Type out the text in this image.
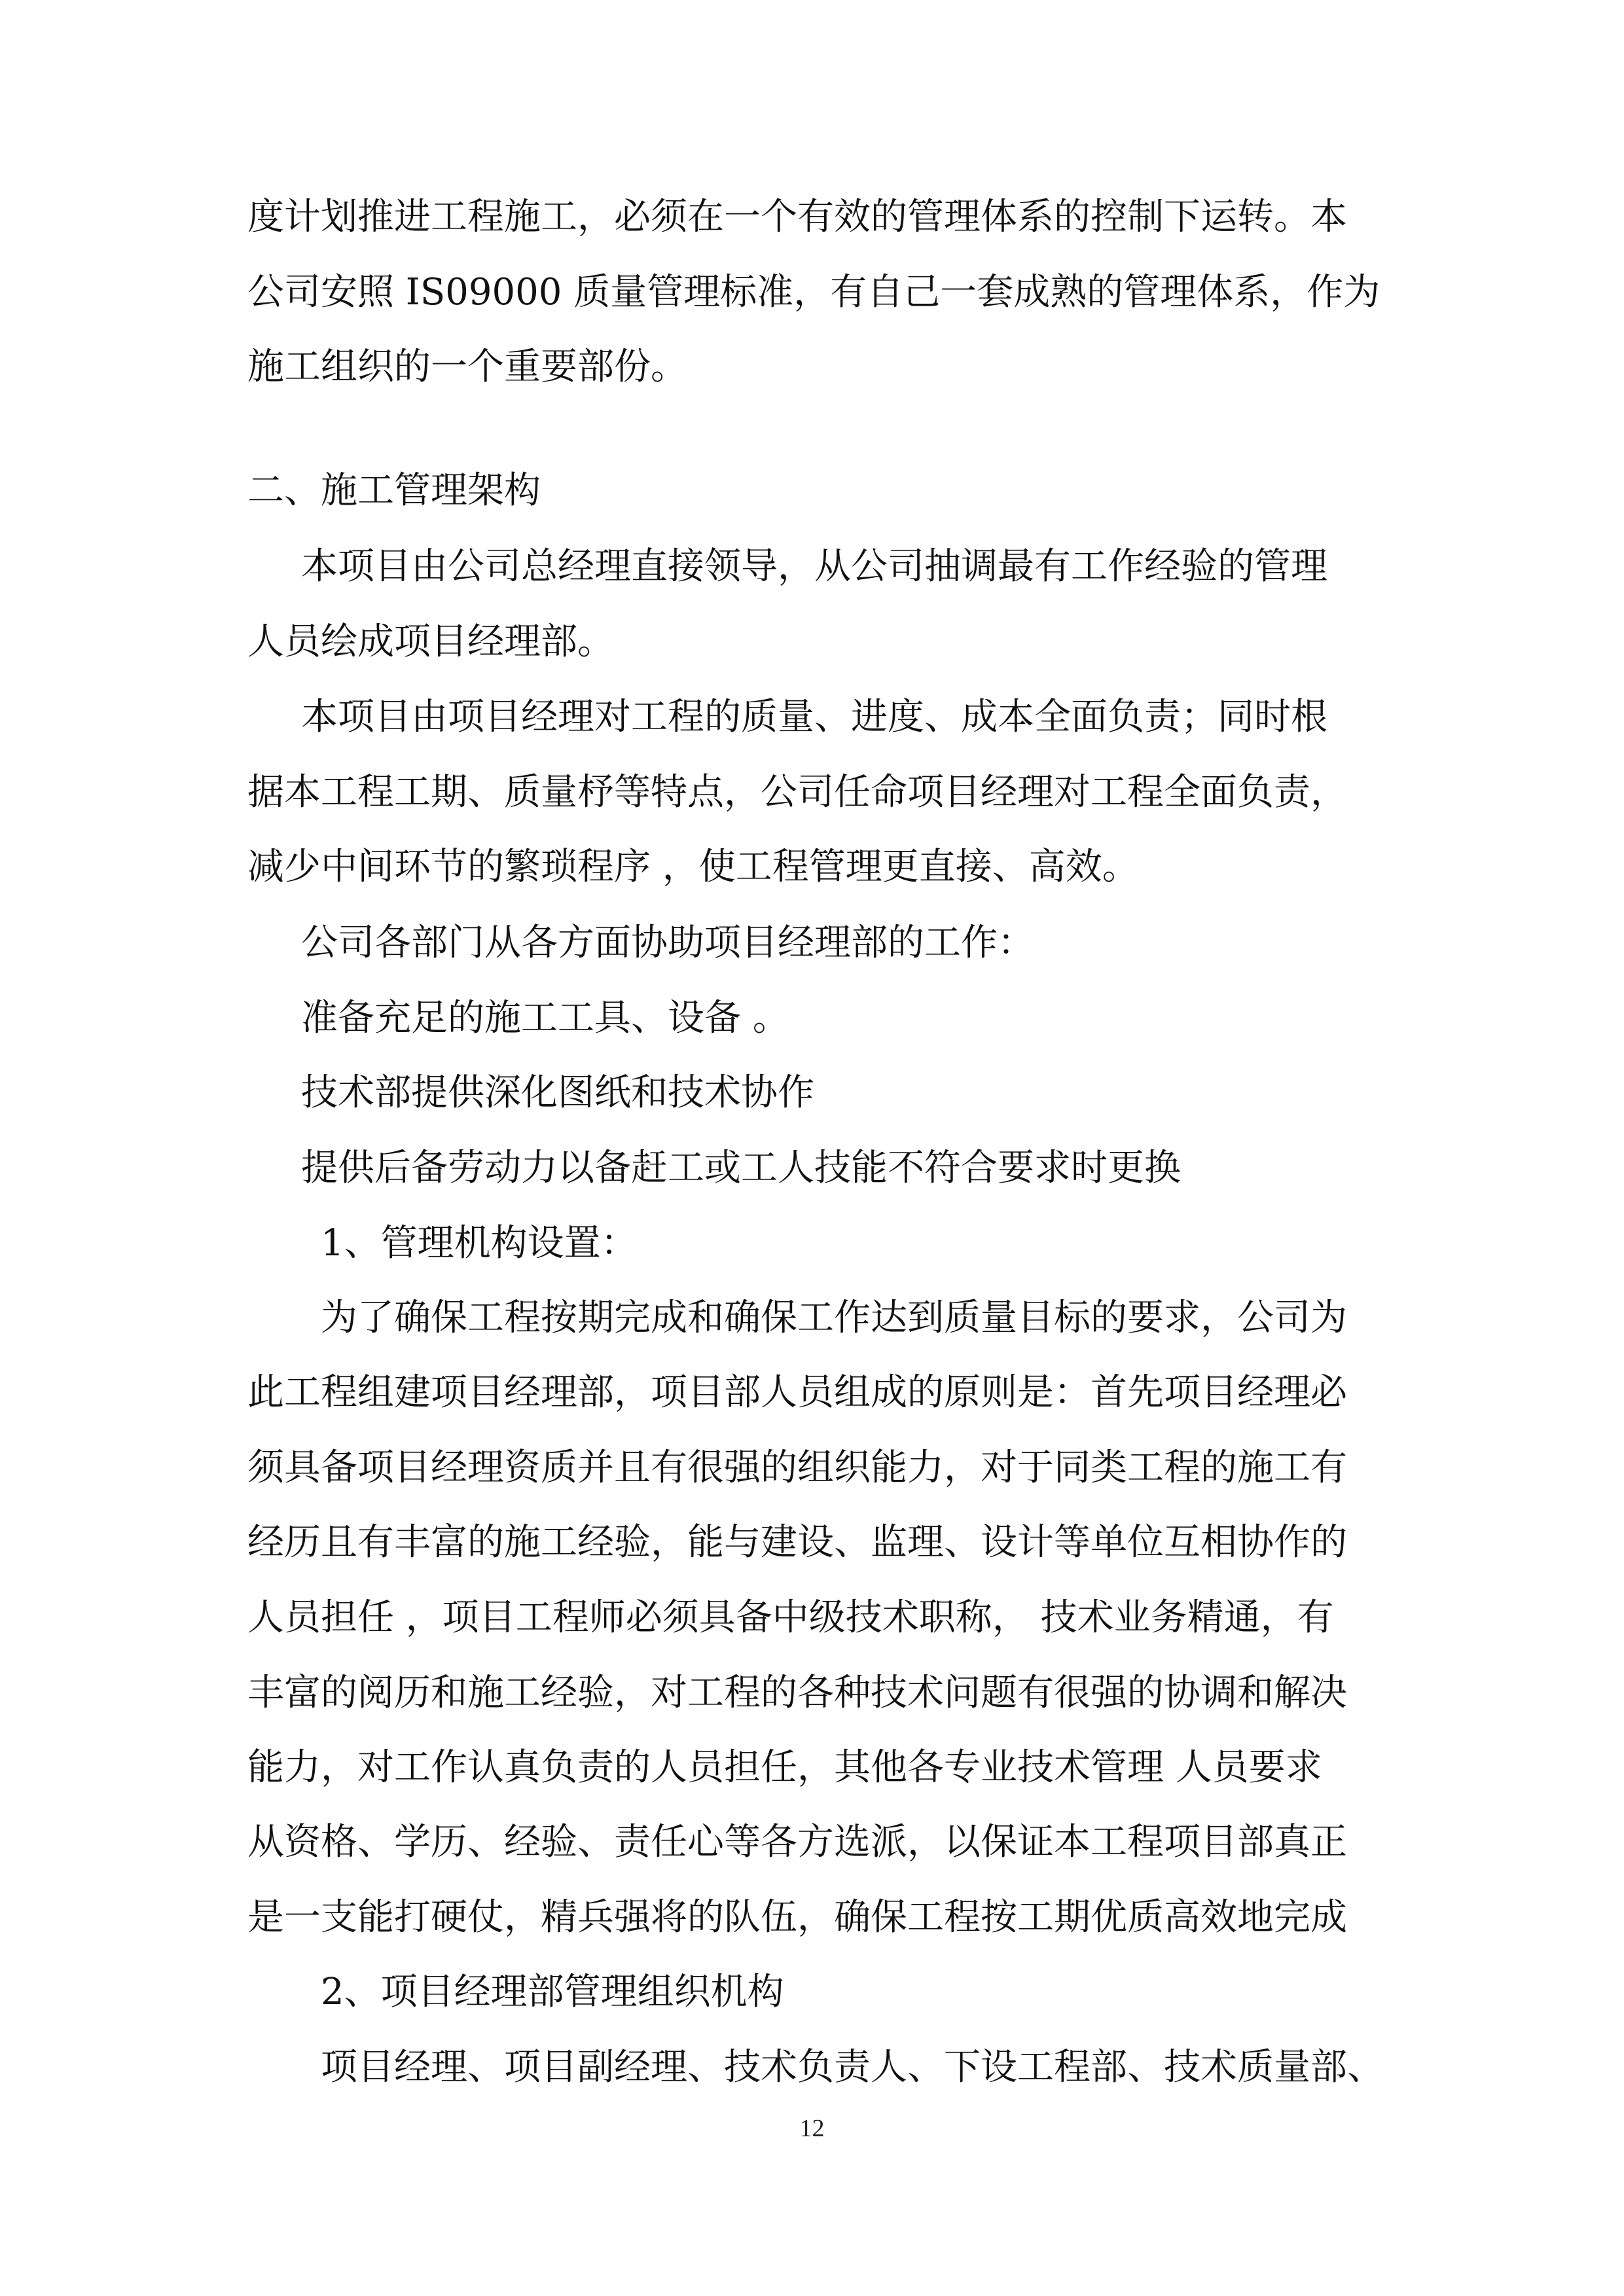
度计划推进工程施工，必须在一个有效的管理体系的控制下运转。本
公司安照 IS09000 质量管理标准，有自己一套成熟的管理体系，作为
施工组织的一个重要部份。
二、施工管理架构
本项目由公司总经理直接领导，从公司抽调最有工作经验的管理
人员绘成项目经理部。
本项目由项目经理对工程的质量、进度、成本全面负责；同时根
据本工程工期、质量杼等特点，公司任命项目经理对工程全面负责，
减少中间环节的繁琐程序 ，使工程管理更直接、高效。
公司各部门从各方面协助项目经理部的工作：
准备充足的施工工具、设备 。
技术部提供深化图纸和技术协作
提供后备劳动力以备赶工或工人技能不符合要求时更换
1、管理机构设置：
为了确保工程按期完成和确保工作达到质量目标的要求，公司为
此工程组建项目经理部，项目部人员组成的原则是：首先项目经理必
须具备项目经理资质并且有很强的组织能力，对于同类工程的施工有
经历且有丰富的施工经验，能与建设、监理、设计等单位互相协作的
人员担任 ，项目工程师必须具备中级技术职称， 技术业务精通，有
丰富的阅历和施工经验，对工程的各种技术问题有很强的协调和解决
能力，对工作认真负责的人员担任，其他各专业技术管理 人员要求
从资格、学历、经验、责任心等各方选派，以保证本工程项目部真正
是一支能打硬仗，精兵强将的队伍，确保工程按工期优质高效地完成
2、项目经理部管理组织机构
项目经理、项目副经理、技术负责人、下设工程部、技术质量部、
12
